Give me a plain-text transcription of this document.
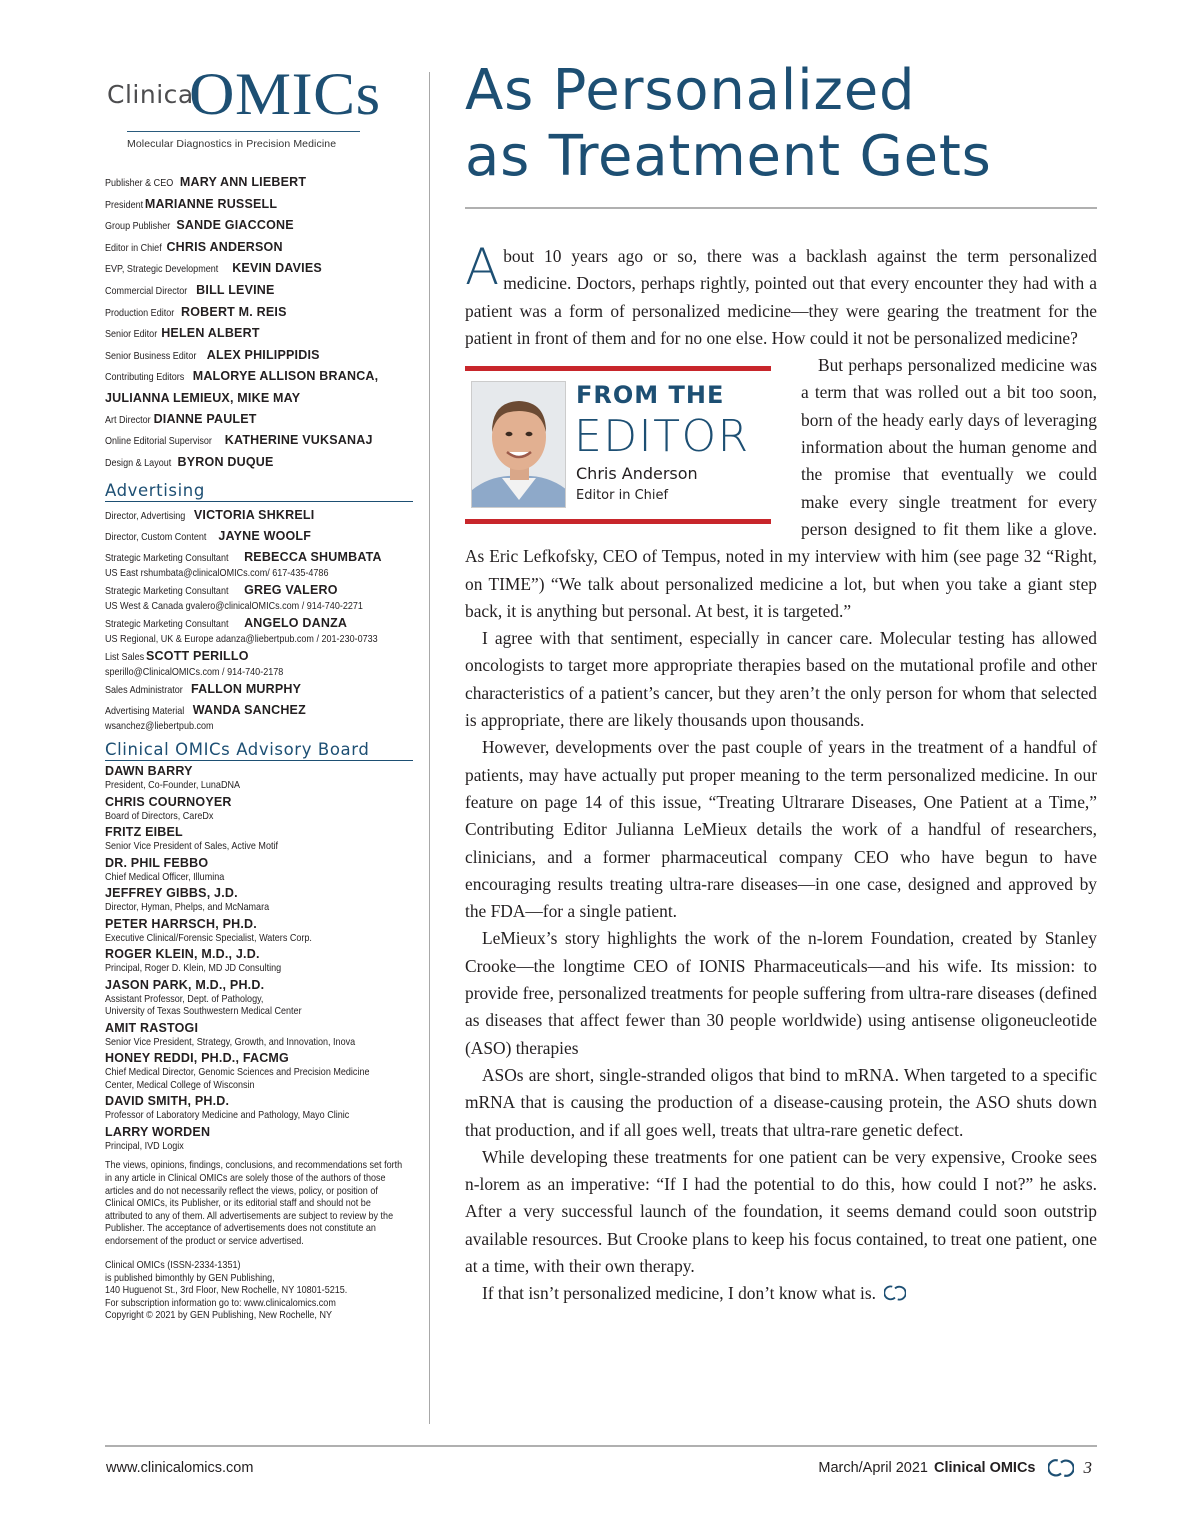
Clinical
OMICs
Molecular Diagnostics in Precision Medicine
Publisher & CEO MARY ANN LIEBERT
President MARIANNE RUSSELL
Group Publisher SANDE GIACCONE
Editor in Chief CHRIS ANDERSON
EVP, Strategic Development KEVIN DAVIES
Commercial Director BILL LEVINE
Production Editor ROBERT M. REIS
Senior Editor HELEN ALBERT
Senior Business Editor ALEX PHILIPPIDIS
Contributing Editors MALORYE ALLISON BRANCA,
JULIANNA LEMIEUX, MIKE MAY
Art Director DIANNE PAULET
Online Editorial Supervisor KATHERINE VUKSANAJ
Design & Layout BYRON DUQUE
Advertising
Director, Advertising VICTORIA SHKRELI
Director, Custom Content JAYNE WOOLF
Strategic Marketing Consultant REBECCA SHUMBATA
US East rshumbata@clinicalOMICs.com/ 617-435-4786
Strategic Marketing Consultant GREG VALERO
US West & Canada gvalero@clinicalOMICs.com / 914-740-2271
Strategic Marketing Consultant ANGELO DANZA
US Regional, UK & Europe adanza@liebertpub.com / 201-230-0733
List Sales SCOTT PERILLO
sperillo@ClinicalOMICs.com / 914-740-2178
Sales Administrator FALLON MURPHY
Advertising Material WANDA SANCHEZ
wsanchez@liebertpub.com
Clinical OMICs Advisory Board
DAWN BARRY
President, Co-Founder, LunaDNA
CHRIS COURNOYER
Board of Directors, CareDx
FRITZ EIBEL
Senior Vice President of Sales, Active Motif
DR. PHIL FEBBO
Chief Medical Officer, Illumina
JEFFREY GIBBS, J.D.
Director, Hyman, Phelps, and McNamara
PETER HARRSCH, PH.D.
Executive Clinical/Forensic Specialist, Waters Corp.
ROGER KLEIN, M.D., J.D.
Principal, Roger D. Klein, MD JD Consulting
JASON PARK, M.D., PH.D.
Assistant Professor, Dept. of Pathology,
University of Texas Southwestern Medical Center
AMIT RASTOGI
Senior Vice President, Strategy, Growth, and Innovation, Inova
HONEY REDDI, PH.D., FACMG
Chief Medical Director, Genomic Sciences and Precision Medicine
Center, Medical College of Wisconsin
DAVID SMITH, PH.D.
Professor of Laboratory Medicine and Pathology, Mayo Clinic
LARRY WORDEN
Principal, IVD Logix
The views, opinions, findings, conclusions, and recommendations set forth in any article in Clinical OMICs are solely those of the authors of those articles and do not necessarily reflect the views, policy, or position of Clinical OMICs, its Publisher, or its editorial staff and should not be attributed to any of them. All advertisements are subject to review by the Publisher. The acceptance of advertisements does not constitute an endorsement of the product or service advertised.
Clinical OMICs (ISSN-2334-1351)
is published bimonthly by GEN Publishing,
140 Huguenot St., 3rd Floor, New Rochelle, NY 10801-5215.
For subscription information go to: www.clinicalomics.com
Copyright © 2021 by GEN Publishing, New Rochelle, NY
As Personalized
as Treatment Gets

About 10 years ago or so, there was a backlash against the term personalized medicine. Doctors, perhaps rightly, pointed out that every encounter they had with a patient was a form of personalized medicine—they were gearing the treatment for the patient in front of them and for no one else. How could it not be personalized medicine?

FROM THE
EDITOR
Chris Anderson
Editor in Chief

But perhaps personalized medicine was a term that was rolled out a bit too soon, born of the heady early days of leveraging information about the human genome and the promise that eventually we could make every single treatment for every person designed to fit them like a glove. As Eric Lefkofsky, CEO of Tempus, noted in my interview with him (see page 32 “Right, on TIME”) “We talk about personalized medicine a lot, but when you take a giant step back, it is anything but personal. At best, it is targeted.”

I agree with that sentiment, especially in cancer care. Molecular testing has allowed oncologists to target more appropriate therapies based on the mutational profile and other characteristics of a patient’s cancer, but they aren’t the only person for whom that selected is appropriate, there are likely thousands upon thousands.

However, developments over the past couple of years in the treatment of a handful of patients, may have actually put proper meaning to the term personalized medicine. In our feature on page 14 of this issue, “Treating Ultrarare Diseases, One Patient at a Time,” Contributing Editor Julianna LeMieux details the work of a handful of researchers, clinicians, and a former pharmaceutical company CEO who have begun to have encouraging results treating ultra-rare diseases—in one case, designed and approved by the FDA—for a single patient.

LeMieux’s story highlights the work of the n-lorem Foundation, created by Stanley Crooke—the longtime CEO of IONIS Pharmaceuticals—and his wife. Its mission: to provide free, personalized treatments for people suffering from ultra-rare diseases (defined as diseases that affect fewer than 30 people worldwide) using antisense oligoneucleotide (ASO) therapies

ASOs are short, single-stranded oligos that bind to mRNA. When targeted to a specific mRNA that is causing the production of a disease-causing protein, the ASO shuts down that production, and if all goes well, treats that ultra-rare genetic defect.

While developing these treatments for one patient can be very expensive, Crooke sees n-lorem as an imperative: “If I had the potential to do this, how could I not?” he asks. After a very successful launch of the foundation, it seems demand could soon outstrip available resources. But Crooke plans to keep his focus contained, to treat one patient, one at a time, with their own therapy.

If that isn’t personalized medicine, I don’t know what is.

www.clinicalomics.com	March/April 2021 Clinical OMICs	3
